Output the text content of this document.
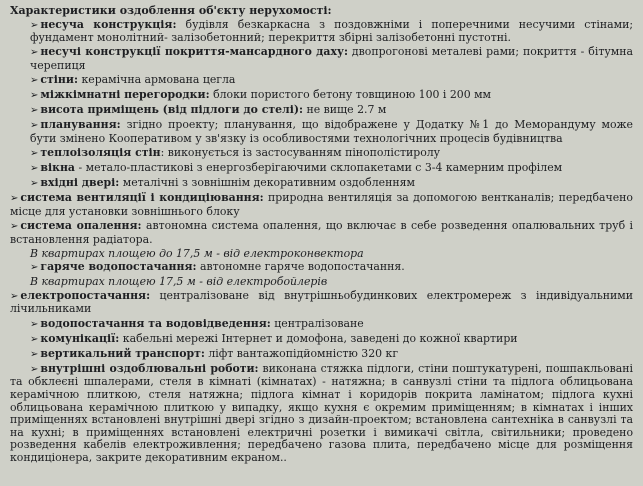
Характеристики оздоблення об'єкту нерухомості:
➢ несуча конструкція: будівля безкаркасна з поздовжніми і поперечними несучими стінами; фундамент монолітний- залізобетонний; перекриття збірні залізобетонні пустотні.
➢ несучі конструкції покриття-мансардного даху: двопрогонові металеві рами; покриття - бітумна черепиця
➢ стіни: керамічна армована цегла
➢ міжкімнатні перегородки: блоки пористого бетону товщиною 100 і 200 мм
➢ висота приміщень (від підлоги до стелі): не вище 2.7 м
➢ планування: згідно проекту; планування, що відображене у Додатку №1 до Меморандуму може бути змінено Кооперативом у зв'язку із особливостями технологічних процесів будівництва
➢ теплоізоляція стін: виконується із застосуванням пінополістиролу
➢ вікна - метало-пластикові з енергозберігаючими склопакетами с 3-4 камерним профілем
➢ вхідні двері: металічні з зовнішнім декоративним оздобленням
➢ система вентиляції і кондиціювання: природна вентиляція за допомогою вентканалів; передбачено місце для установки зовнішнього блоку
➢ система опалення: автономна система опалення, що включає в себе розведення опалювальних труб і встановлення радіатора.
В квартирах площею до 17,5 м - від електроконвектора
➢ гаряче водопостачання: автономне гаряче водопостачання.
В квартирах площею 17,5 м - від електробойлерів
➢ електропостачання: централізоване від внутрішньобудинкових електромереж з індивідуальними лічильниками
➢ водопостачання та водовідведення: централізоване
➢ комунікації: кабельні мережі Інтернет и домофона, заведені до кожної квартири
➢ вертикальний транспорт: ліфт вантажопідйомністю 320 кг
➢ внутрішні оздоблювальні роботи: виконана стяжка підлоги, стіни поштукатурені, пошпакльовані та обклеєні шпалерами, стеля в кімнаті (кімнатах) - натяжна; в санвузлі стіни та підлога облицьована керамічною плиткою, стеля натяжна; підлога кімнат і коридорів покрита ламінатом; підлога кухні облицьована керамічною плиткою у випадку, якщо кухня є окремим приміщенням; в кімнатах і інших приміщеннях встановлені внутрішні двері згідно з дизайн-проектом; встановлена сантехніка в санвузлі та на кухні; в приміщеннях встановлені електричні розетки і вимикачі світла, світильники; проведено розведення кабелів електроживлення; передбачено газова плита, передбачено місце для розміщення кондиціонера, закрите декоративним екраном..
